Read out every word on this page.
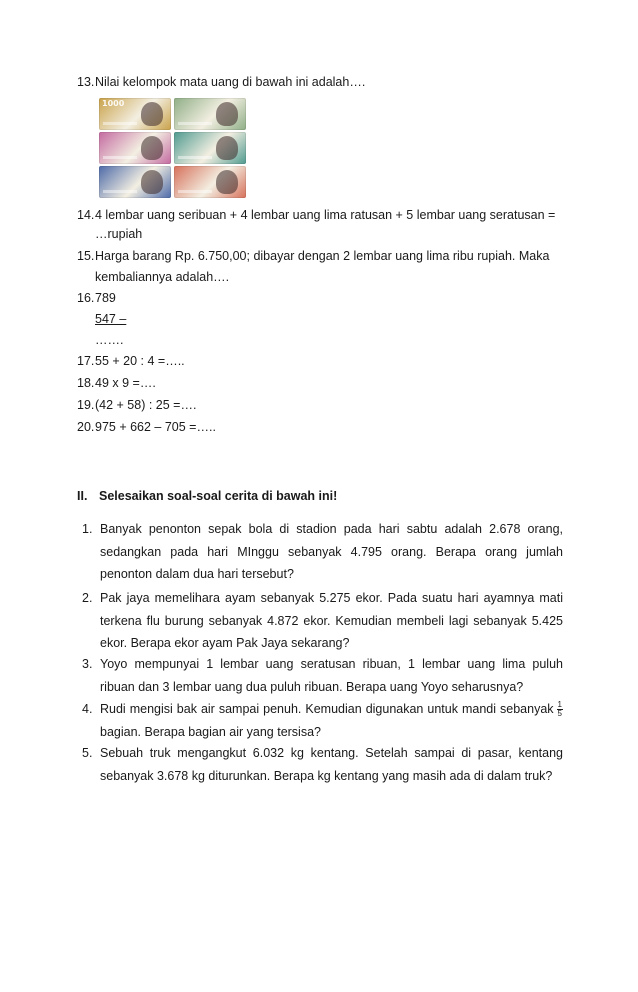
13. Nilai kelompok mata uang di bawah ini adalah….
1000
14. 4 lembar uang seribuan + 4 lembar uang lima ratusan + 5 lembar uang seratusan =
…rupiah
15. Harga barang Rp. 6.750,00; dibayar dengan 2 lembar uang lima ribu rupiah. Maka
kembaliannya adalah….
16. 789
547 –
…….
17. 55 + 20 : 4 =…..
18. 49 x 9 =….
19. (42 + 58) : 25 =….
20. 975 + 662 – 705 =…..
II. Selesaikan soal-soal cerita di bawah ini!
1. Banyak penonton sepak bola di stadion pada hari sabtu adalah 2.678 orang,
sedangkan pada hari MInggu sebanyak 4.795 orang. Berapa orang jumlah
penonton dalam dua hari tersebut?
2. Pak jaya memelihara ayam sebanyak 5.275 ekor. Pada suatu hari ayamnya mati
terkena flu burung sebanyak 4.872 ekor. Kemudian membeli lagi sebanyak 5.425
ekor. Berapa ekor ayam Pak Jaya sekarang?
3. Yoyo mempunyai 1 lembar uang seratusan ribuan, 1 lembar uang lima puluh
ribuan dan 3 lembar uang dua puluh ribuan. Berapa uang Yoyo seharusnya?
4. Rudi mengisi bak air sampai penuh. Kemudian digunakan untuk mandi sebanyak $\frac{1}{5}$
bagian. Berapa bagian air yang tersisa?
5. Sebuah truk mengangkut 6.032 kg kentang. Setelah sampai di pasar, kentang
sebanyak 3.678 kg diturunkan. Berapa kg kentang yang masih ada di dalam truk?
